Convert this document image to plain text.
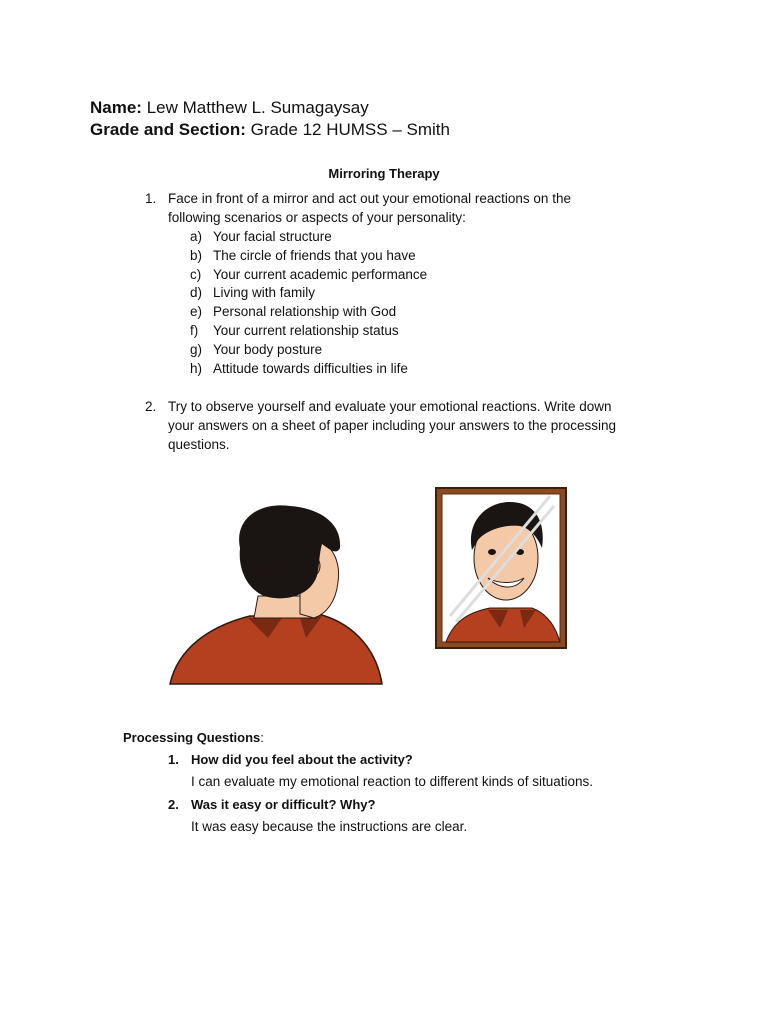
Name: Lew Matthew L. Sumagaysay
Grade and Section: Grade 12 HUMSS – Smith
Mirroring Therapy
1. Face in front of a mirror and act out your emotional reactions on the following scenarios or aspects of your personality:
a) Your facial structure
b) The circle of friends that you have
c) Your current academic performance
d) Living with family
e) Personal relationship with God
f) Your current relationship status
g) Your body posture
h) Attitude towards difficulties in life
2. Try to observe yourself and evaluate your emotional reactions. Write down your answers on a sheet of paper including your answers to the processing questions.
Processing Questions:
1. How did you feel about the activity?
I can evaluate my emotional reaction to different kinds of situations.
2. Was it easy or difficult? Why?
It was easy because the instructions are clear.
